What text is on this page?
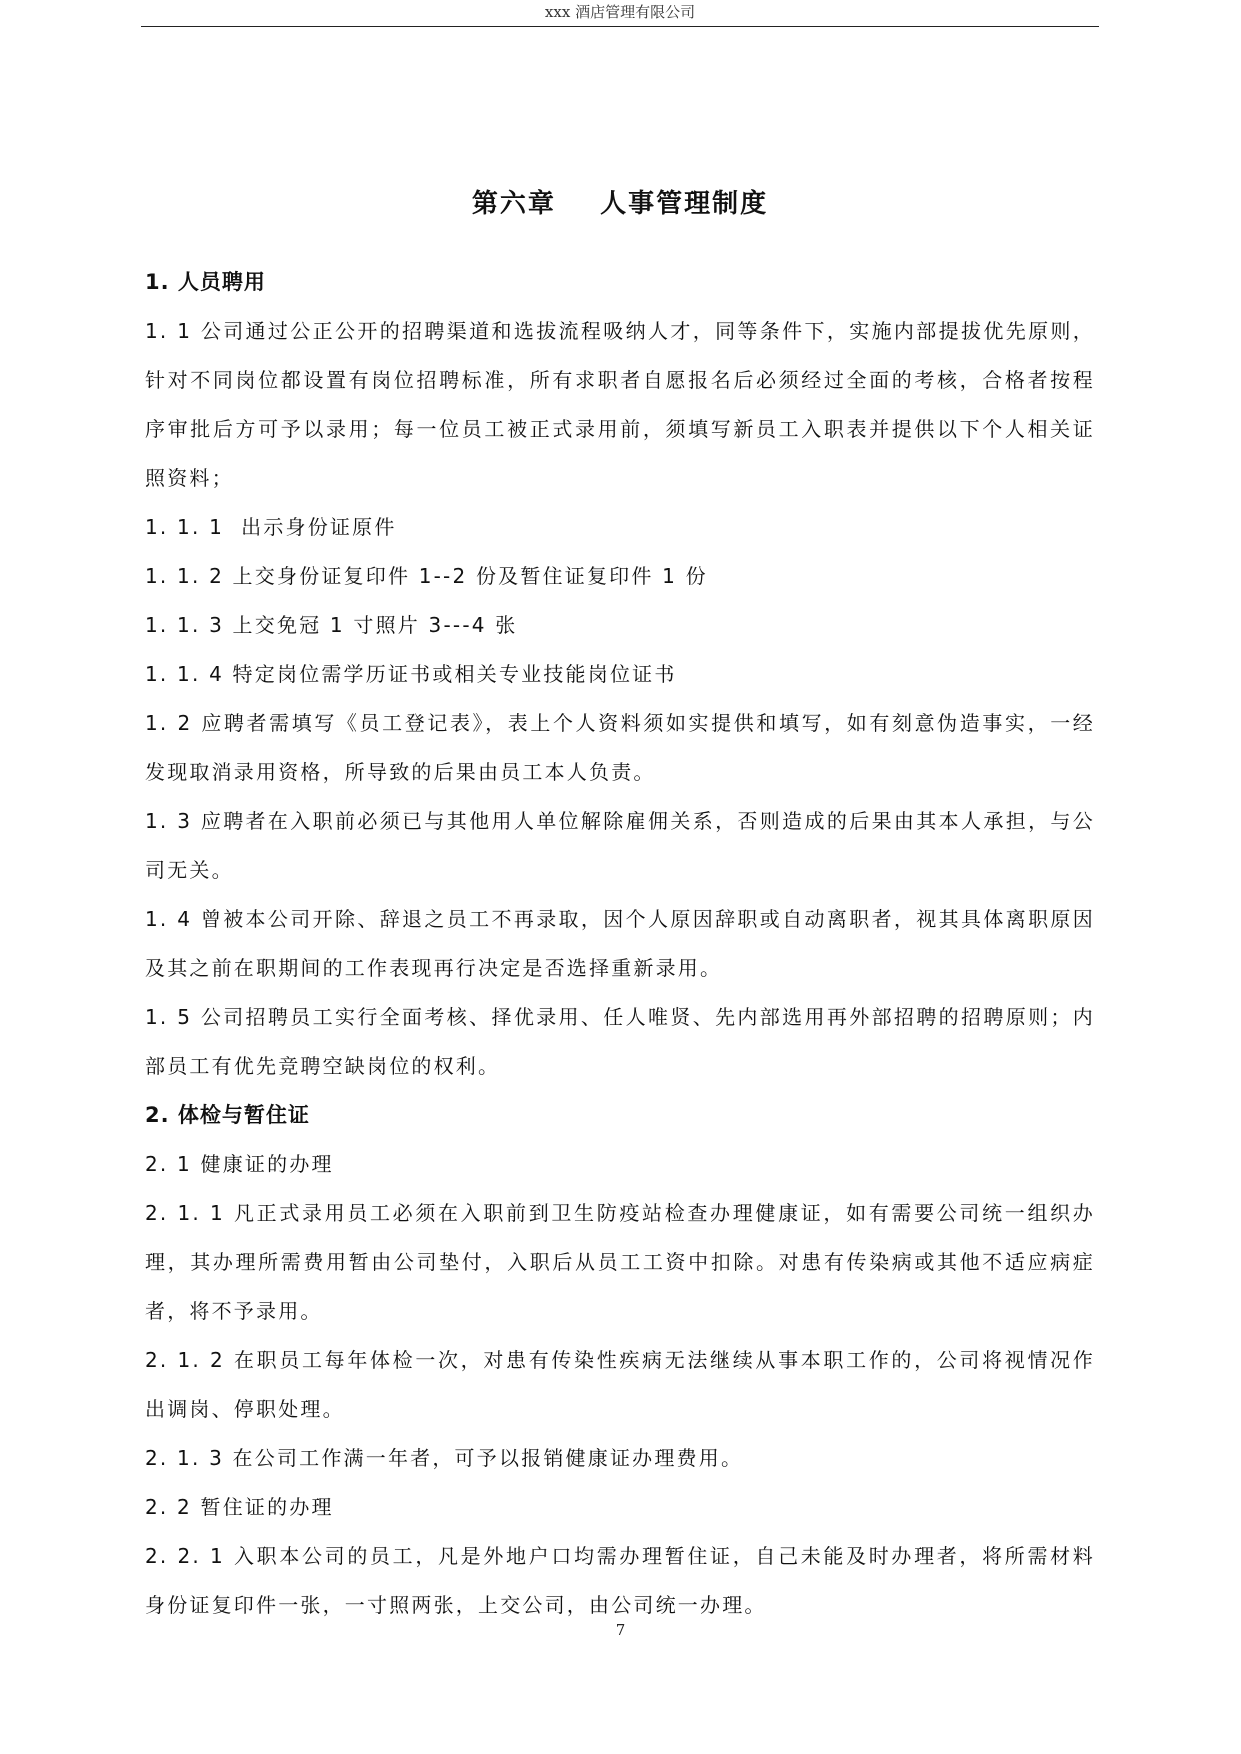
xxx 酒店管理有限公司
第六章    人事管理制度
1. 人员聘用

1. 1 公司通过公正公开的招聘渠道和选拔流程吸纳人才，同等条件下，实施内部提拔优先原则，针对不同岗位都设置有岗位招聘标准，所有求职者自愿报名后必须经过全面的考核，合格者按程序审批后方可予以录用；每一位员工被正式录用前，须填写新员工入职表并提供以下个人相关证照资料；

1. 1. 1  出示身份证原件

1. 1. 2 上交身份证复印件 1--2 份及暂住证复印件 1 份

1. 1. 3 上交免冠 1 寸照片 3---4 张

1. 1. 4 特定岗位需学历证书或相关专业技能岗位证书

1. 2 应聘者需填写《员工登记表》，表上个人资料须如实提供和填写，如有刻意伪造事实，一经发现取消录用资格，所导致的后果由员工本人负责。

1. 3 应聘者在入职前必须已与其他用人单位解除雇佣关系，否则造成的后果由其本人承担，与公司无关。

1. 4 曾被本公司开除、辞退之员工不再录取，因个人原因辞职或自动离职者，视其具体离职原因及其之前在职期间的工作表现再行决定是否选择重新录用。

1. 5 公司招聘员工实行全面考核、择优录用、任人唯贤、先内部选用再外部招聘的招聘原则；内部员工有优先竞聘空缺岗位的权利。

2. 体检与暂住证

2. 1 健康证的办理

2. 1. 1 凡正式录用员工必须在入职前到卫生防疫站检查办理健康证，如有需要公司统一组织办理，其办理所需费用暂由公司垫付，入职后从员工工资中扣除。对患有传染病或其他不适应病症者，将不予录用。

2. 1. 2 在职员工每年体检一次，对患有传染性疾病无法继续从事本职工作的，公司将视情况作出调岗、停职处理。

2. 1. 3 在公司工作满一年者，可予以报销健康证办理费用。

2. 2 暂住证的办理

2. 2. 1 入职本公司的员工，凡是外地户口均需办理暂住证，自己未能及时办理者，将所需材料身份证复印件一张，一寸照两张，上交公司，由公司统一办理。

7
